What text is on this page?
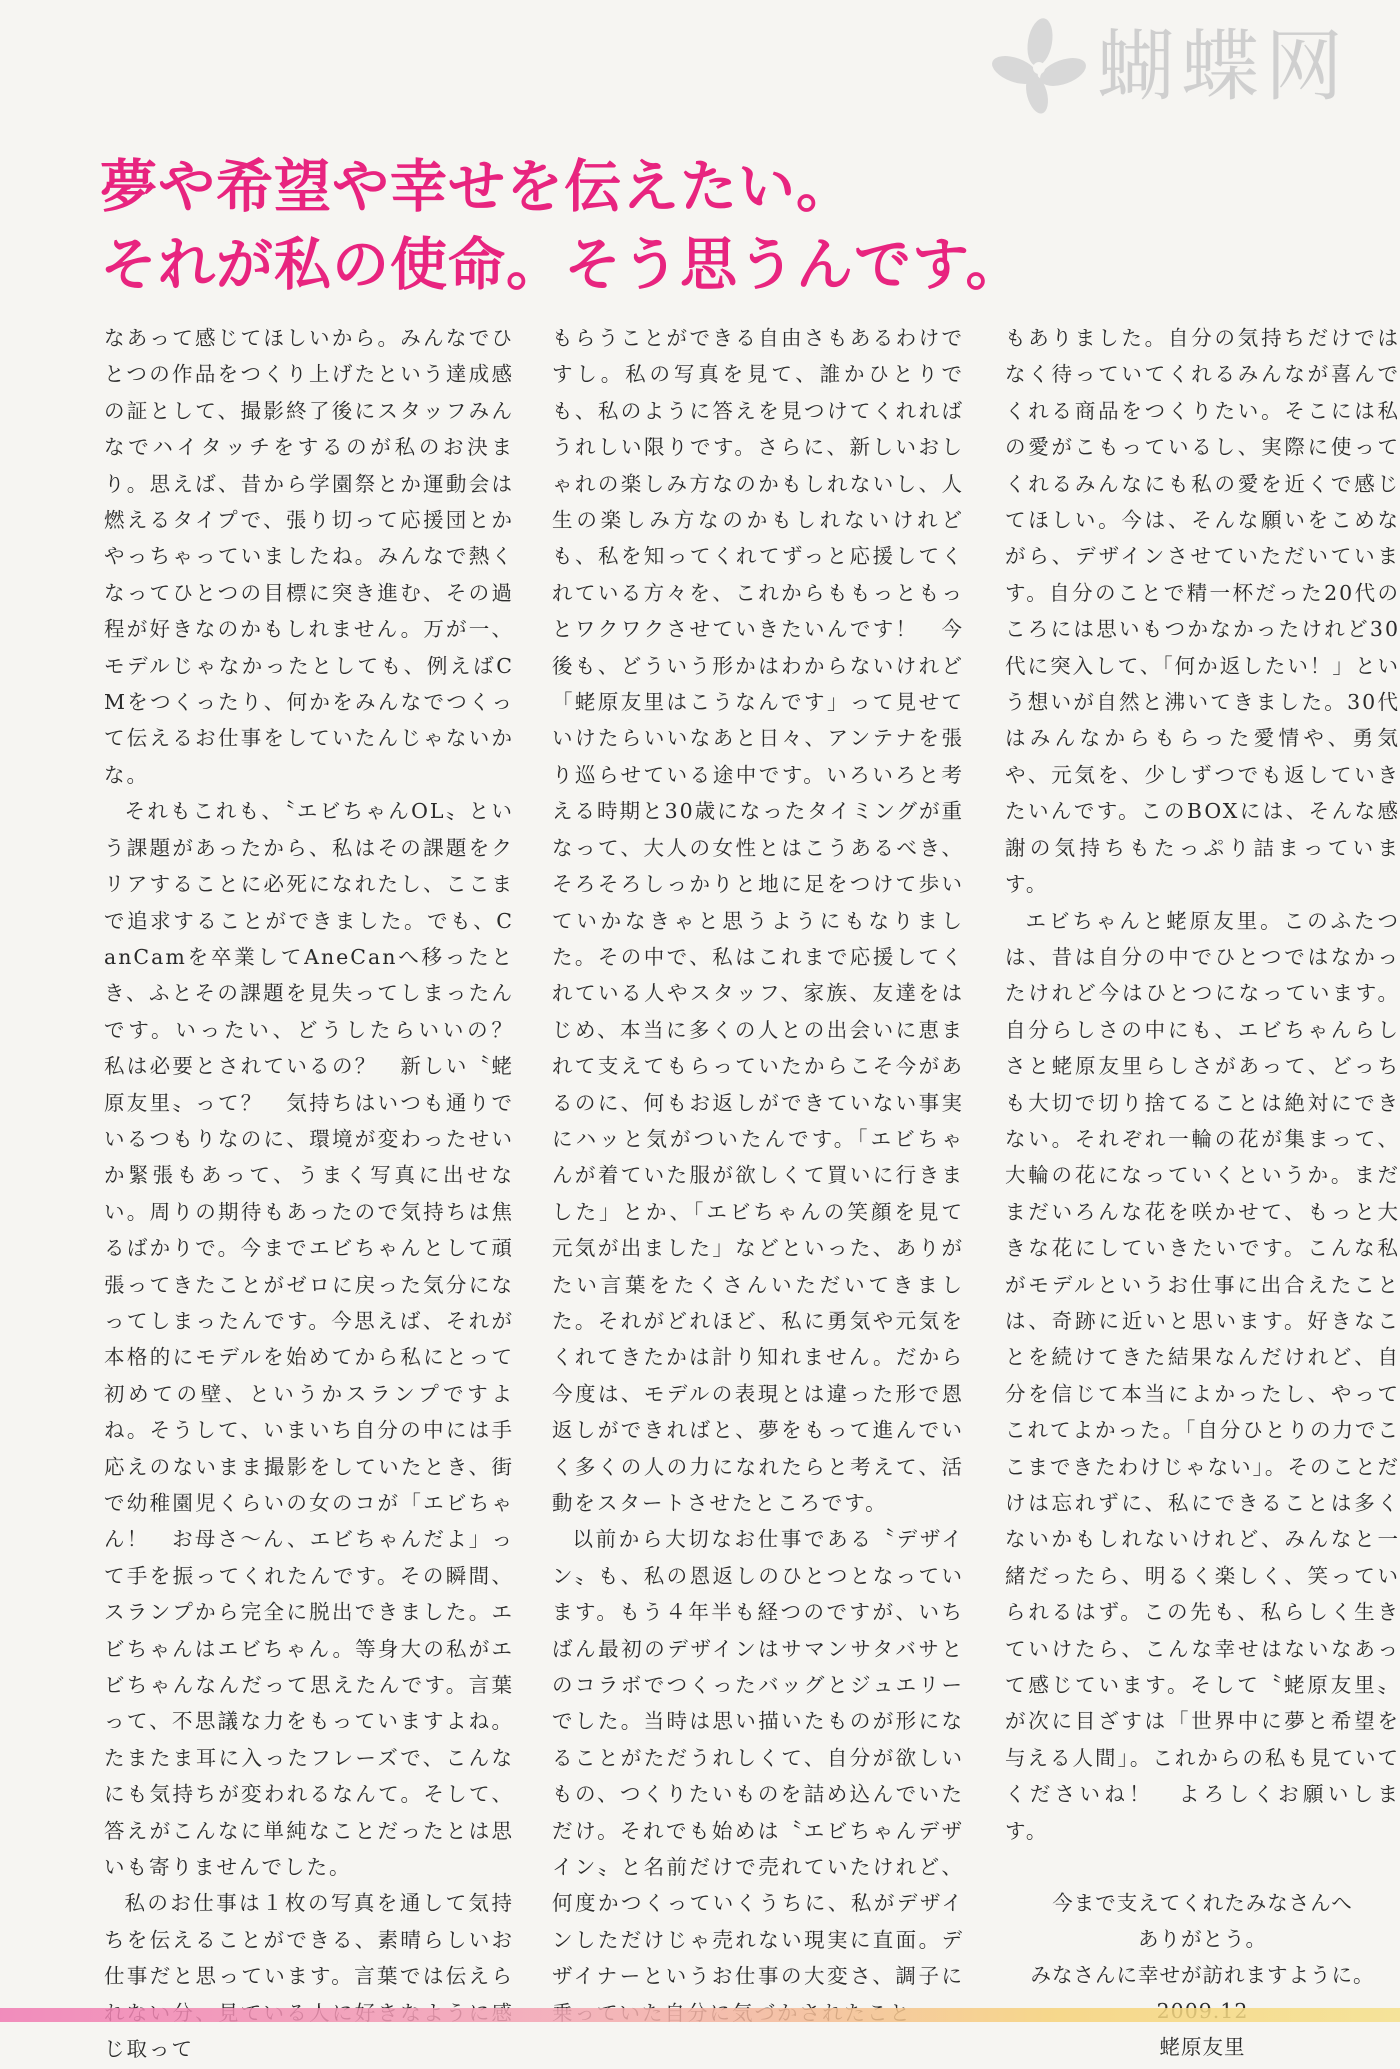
蝴蝶网
夢や希望や幸せを伝えたい。
それが私の使命。そう思うんです。

なあって感じてほしいから。みんなでひとつの作品をつくり上げたという達成感の証として、撮影終了後にスタッフみんなでハイタッチをするのが私のお決まり。思えば、昔から学園祭とか運動会は燃えるタイプで、張り切って応援団とかやっちゃっていましたね。みんなで熱くなってひとつの目標に突き進む、その過程が好きなのかもしれません。万が一、モデルじゃなかったとしても、例えばCMをつくったり、何かをみんなでつくって伝えるお仕事をしていたんじゃないかな。

それもこれも、〝エビちゃんOL〟という課題があったから、私はその課題をクリアすることに必死になれたし、ここまで追求することができました。でも、CanCamを卒業してAneCanへ移ったとき、ふとその課題を見失ってしまったんです。いったい、どうしたらいいの？　私は必要とされているの？　新しい〝蛯原友里〟って？　気持ちはいつも通りでいるつもりなのに、環境が変わったせいか緊張もあって、うまく写真に出せない。周りの期待もあったので気持ちは焦るばかりで。今までエビちゃんとして頑張ってきたことがゼロに戻った気分になってしまったんです。今思えば、それが本格的にモデルを始めてから私にとって初めての壁、というかスランプですよね。そうして、いまいち自分の中には手応えのないまま撮影をしていたとき、街で幼稚園児くらいの女のコが「エビちゃん！　お母さ～ん、エビちゃんだよ」って手を振ってくれたんです。その瞬間、スランプから完全に脱出できました。エビちゃんはエビちゃん。等身大の私がエビちゃんなんだって思えたんです。言葉って、不思議な力をもっていますよね。たまたま耳に入ったフレーズで、こんなにも気持ちが変われるなんて。そして、答えがこんなに単純なことだったとは思いも寄りませんでした。

私のお仕事は１枚の写真を通して気持ちを伝えることができる、素晴らしいお仕事だと思っています。言葉では伝えら じ取って

もらうことができる自由さもあるわけですし。私の写真を見て、誰かひとりでも、私のように答えを見つけてくれればうれしい限りです。さらに、新しいおしゃれの楽しみ方なのかもしれないし、人生の楽しみ方なのかもしれないけれども、私を知ってくれてずっと応援してくれている方々を、これからももっともっとワクワクさせていきたいんです！　今後も、どういう形かはわからないけれど「蛯原友里はこうなんです」って見せていけたらいいなあと日々、アンテナを張り巡らせている途中です。いろいろと考える時期と30歳になったタイミングが重なって、大人の女性とはこうあるべき、そろそろしっかりと地に足をつけて歩いていかなきゃと思うようにもなりました。その中で、私はこれまで応援してくれている人やスタッフ、家族、友達をはじめ、本当に多くの人との出会いに恵まれて支えてもらっていたからこそ今があるのに、何もお返しができていない事実にハッと気がついたんです。「エビちゃんが着ていた服が欲しくて買いに行きました」とか、「エビちゃんの笑顔を見て元気が出ました」などといった、ありがたい言葉をたくさんいただいてきました。それがどれほど、私に勇気や元気をくれてきたかは計り知れません。だから今度は、モデルの表現とは違った形で恩返しができればと、夢をもって進んでいく多くの人の力になれたらと考えて、活動をスタートさせたところです。

以前から大切なお仕事である〝デザイン〟も、私の恩返しのひとつとなっています。もう４年半も経つのですが、いちばん最初のデザインはサマンサタバサとのコラボでつくったバッグとジュエリーでした。当時は思い描いたものが形になることがただうれしくて、自分が欲しいもの、つくりたいものを詰め込んでいただけ。それでも始めは〝エビちゃんデザイン〟と名前だけで売れていたけれど、何度かつくっていくうちに、私がデザインしただけじゃ売れない現実に直面。デザイナーというお仕事の大変さ、調子に

もありました。自分の気持ちだけではなく待っていてくれるみんなが喜んでくれる商品をつくりたい。そこには私の愛がこもっているし、実際に使ってくれるみんなにも私の愛を近くで感じてほしい。今は、そんな願いをこめながら、デザインさせていただいています。自分のことで精一杯だった20代のころには思いもつかなかったけれど30代に突入して、「何か返したい！」という想いが自然と沸いてきました。30代はみんなからもらった愛情や、勇気や、元気を、少しずつでも返していきたいんです。このBOXには、そんな感謝の気持ちもたっぷり詰まっています。

エビちゃんと蛯原友里。このふたつは、昔は自分の中でひとつではなかったけれど今はひとつになっています。自分らしさの中にも、エビちゃんらしさと蛯原友里らしさがあって、どっちも大切で切り捨てることは絶対にできない。それぞれ一輪の花が集まって、大輪の花になっていくというか。まだまだいろんな花を咲かせて、もっと大きな花にしていきたいです。こんな私がモデルというお仕事に出合えたことは、奇跡に近いと思います。好きなことを続けてきた結果なんだけれど、自分を信じて本当によかったし、やってこれてよかった。「自分ひとりの力でここまできたわけじゃない」。そのことだけは忘れずに、私にできることは多くないかもしれないけれど、みんなと一緒だったら、明るく楽しく、笑っていられるはず。この先も、私らしく生きていけたら、こんな幸せはないなあって感じています。そして〝蛯原友里〟が次に目ざすは「世界中に夢と希望を与える人間」。これからの私も見ていてくださいね！　よろしくお願いします。

今まで支えてくれたみなさんへ
ありがとう。
みなさんに幸せが訪れますように。
蛯原友里
